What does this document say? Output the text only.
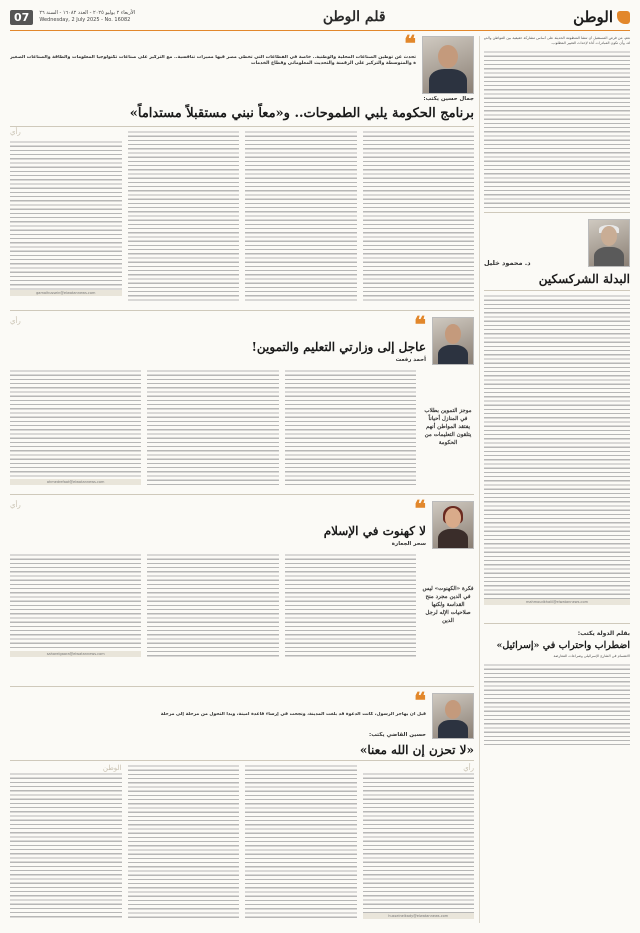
الوطن
قلم الوطن
07	الأربعاء ٢ يوليو ٢٠٢٥ - العدد ١٦٠٨٢ - السنة ٢٦
Wednesday, 2 July 2025 - No. 16082
نعم، من فرص المستقبل أن تنشأ المنظومة الحديثة على أساس مشاركة حقيقية بين المواطن والدولة، وأن تكون المبادرات أداة لإحداث التغيير المطلوب.
د. محمود خليل
البدلة الشركسكين
mahmoudkhalil@elwatannews.com
بقلم الدولة يكتب:
اضطراب واحتراب في «إسرائيل»
الانقسام في الشارع الإسرائيلي وصراعات المعارضة
❝
تحدث عن توطين الصناعات المحلية والوطنية.. خاصة في القطاعات التي تخطى مصر فيها مميزات تنافسية.. مع التركيز على صناعات تكنولوجيا المعلومات والطاقة والصناعات الصغيرة والمتوسطة والتركيز على الرقمنة والتحديث المعلوماتي وقطاع الخدمات
جمال حسين يكتب:
برنامج الحكومة يلبي الطموحات.. و«معاً نبني مستقبلاً مستداماً»
رأي
gamalhussein@elwatannews.com
❝
عاجل إلى وزارتي التعليم والتموين!
أحمد رفعت
رأي
موجز التموين بطلاب في المنازل أحياناً يفتقد المواطن أنهم يتلقون التعليمات من الحكومة
ahmedrefaat@elwatannews.com
❝
لا كهنوت في الإسلام
سحر الجعارة
رأي
فكرة «الكهنوت» ليس في الدين مجرد منح القداسة ولكنها صلاحيات الإله لرجل الدين
saharelgaara@elwatannews.com
❝
قبل أن يهاجر الرسول، كانت الدعوة قد بلغت المدينة، ونجحت في إرساء قاعدة أمينة، وبدأ التحول من مرحلة إلى مرحلة
حسين القاضي يكتب:
«لا تحزن إن الله معنا»
رأي
husseinelkady@elwatannews.com
الوطن
